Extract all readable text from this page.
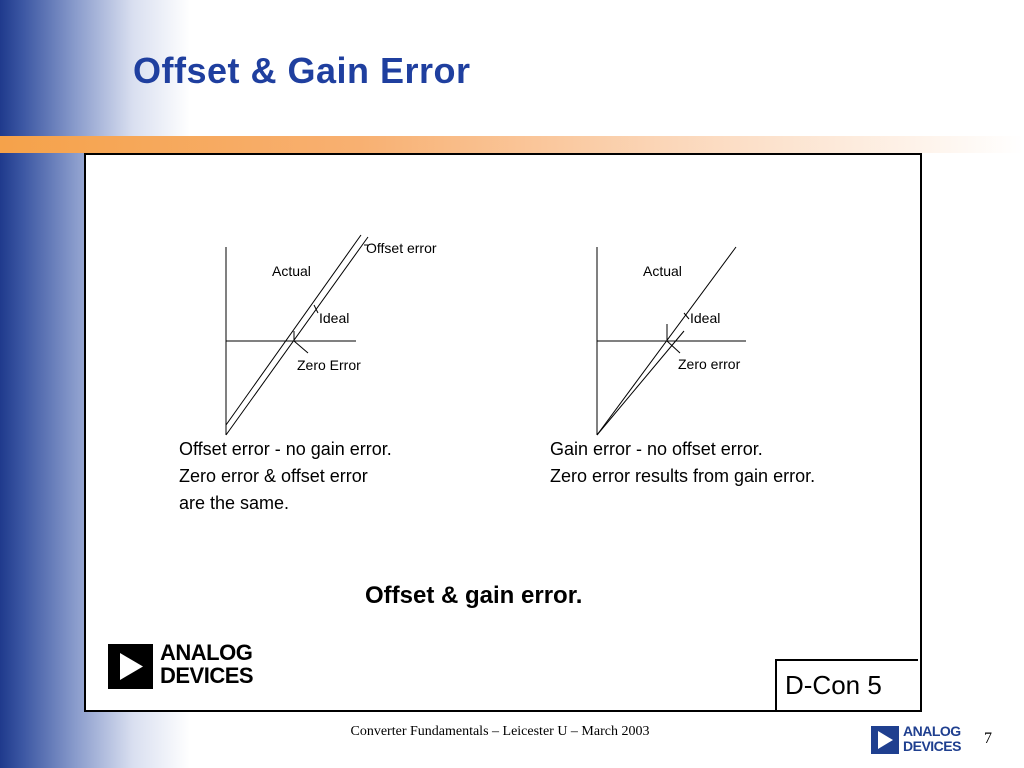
Offset & Gain Error
Offset error
Actual
Ideal
Zero Error
Offset error - no gain error.
Zero error & offset error
are the same.
Actual
Ideal
Zero error
Gain error - no offset error.
Zero error results from gain error.
Offset & gain error.
ANALOG
DEVICES	D-Con 5
Converter Fundamentals – Leicester U – March 2003	ANALOG
DEVICES 7
